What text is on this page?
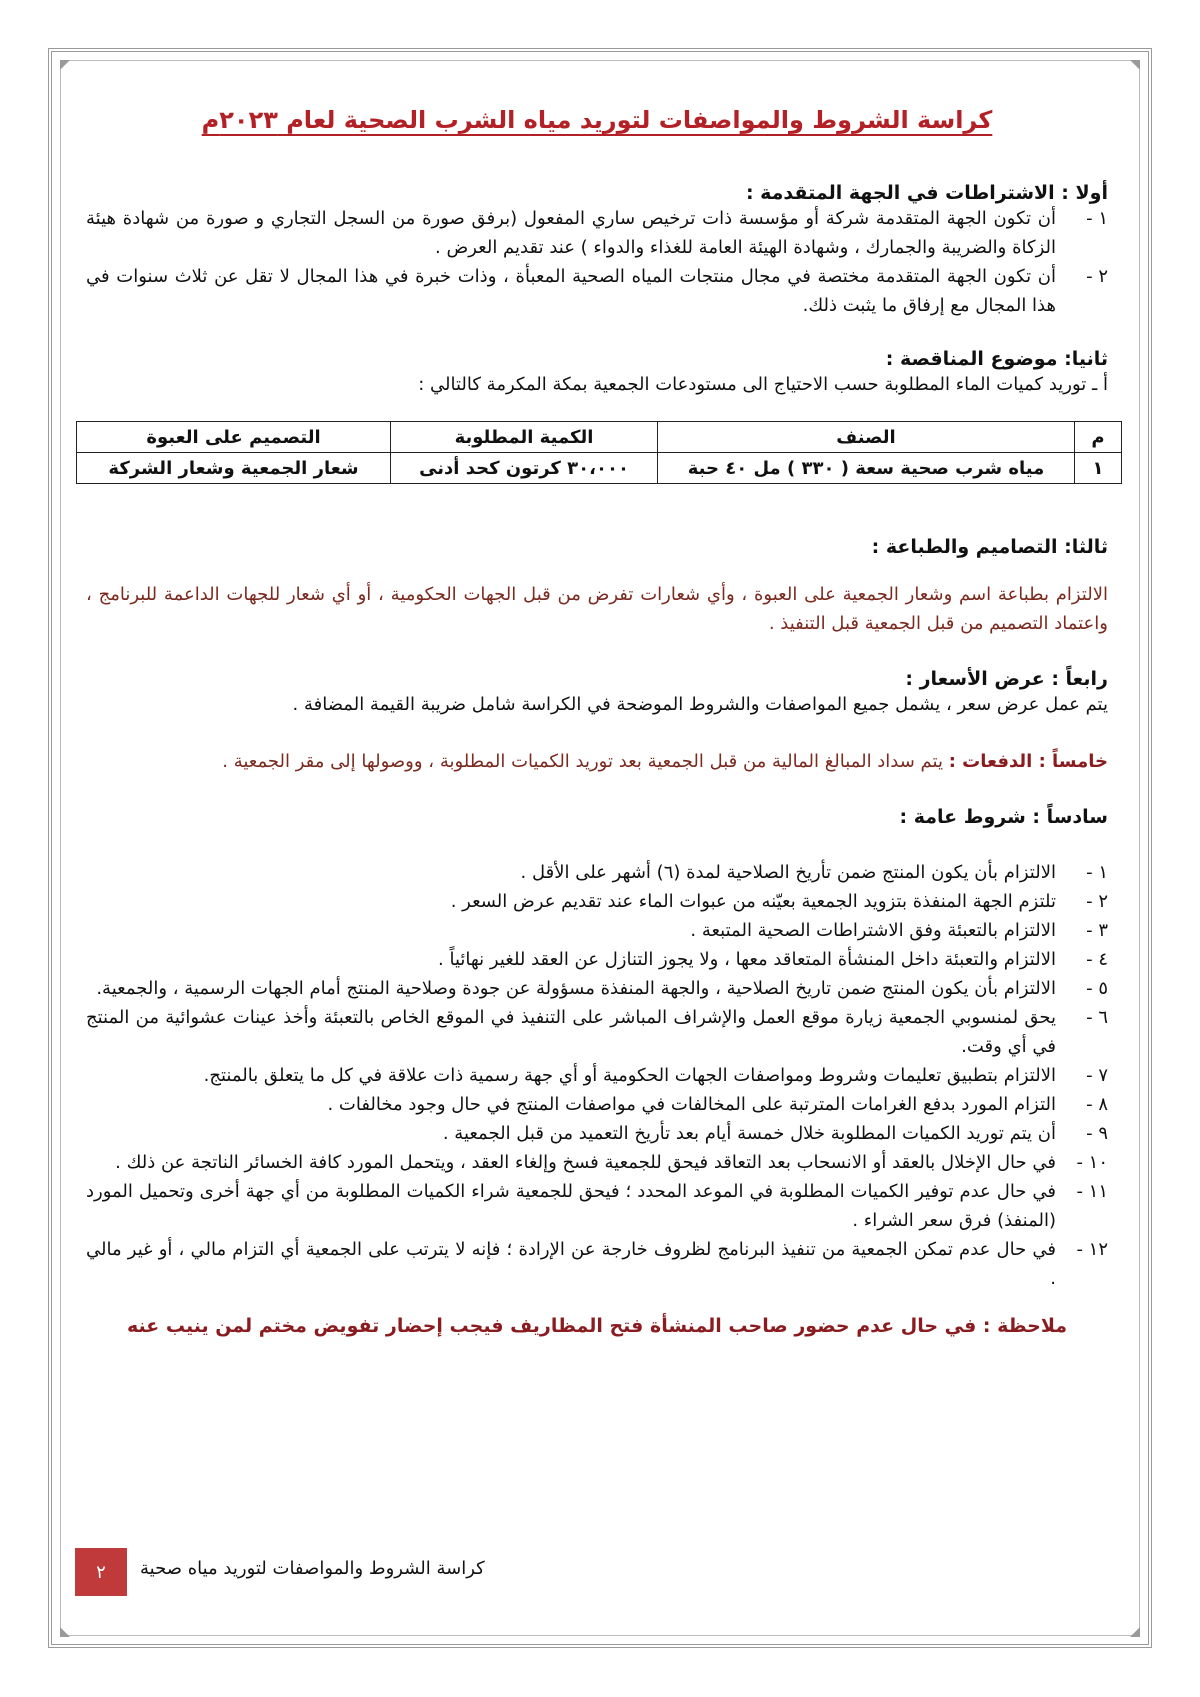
كراسة الشروط والمواصفات لتوريد مياه الشرب الصحية لعام ٢٠٢٣م

أولا : الاشتراطات في الجهة المتقدمة :

١ -
أن تكون الجهة المتقدمة شركة أو مؤسسة ذات ترخيص ساري المفعول (برفق صورة من السجل التجاري و صورة من شهادة هيئة الزكاة والضريبة والجمارك ، وشهادة الهيئة العامة للغذاء والدواء ) عند تقديم العرض .
٢ -
أن تكون الجهة المتقدمة مختصة في مجال منتجات المياه الصحية المعبأة ، وذات خبرة في هذا المجال لا تقل عن ثلاث سنوات في هذا المجال مع إرفاق ما يثبت ذلك.

ثانيا: موضوع المناقصة :

أ ـ توريد كميات الماء المطلوبة حسب الاحتياج الى مستودعات الجمعية بمكة المكرمة كالتالي :

م	الصنف	الكمية المطلوبة	التصميم على العبوة
١	مياه شرب صحية سعة ( ٣٣٠ ) مل ٤٠ حبة	٣٠،٠٠٠ كرتون كحد أدنى	شعار الجمعية وشعار الشركة

ثالثا: التصاميم والطباعة :

الالتزام بطباعة اسم وشعار الجمعية على العبوة ، وأي شعارات تفرض من قبل الجهات الحكومية ، أو أي شعار للجهات الداعمة للبرنامج ، واعتماد التصميم من قبل الجمعية قبل التنفيذ .

رابعاً : عرض الأسعار :

يتم عمل عرض سعر ، يشمل جميع المواصفات والشروط الموضحة في الكراسة شامل ضريبة القيمة المضافة .

خامساً : الدفعات : يتم سداد المبالغ المالية من قبل الجمعية بعد توريد الكميات المطلوبة ، ووصولها إلى مقر الجمعية .

سادساً : شروط عامة :

١ -
الالتزام بأن يكون المنتج ضمن تأريخ الصلاحية لمدة (٦) أشهر على الأقل .
٢ -
تلتزم الجهة المنفذة بتزويد الجمعية بعيّنه من عبوات الماء عند تقديم عرض السعر .
٣ -
الالتزام بالتعبئة وفق الاشتراطات الصحية المتبعة .
٤ -
الالتزام والتعبئة داخل المنشأة المتعاقد معها ، ولا يجوز التنازل عن العقد للغير نهائياً .
٥ -
الالتزام بأن يكون المنتج ضمن تاريخ الصلاحية ، والجهة المنفذة مسؤولة عن جودة وصلاحية المنتج أمام الجهات الرسمية ، والجمعية.
٦ -
يحق لمنسوبي الجمعية زيارة موقع العمل والإشراف المباشر على التنفيذ في الموقع الخاص بالتعبئة وأخذ عينات عشوائية من المنتج في أي وقت.
٧ -
الالتزام بتطبيق تعليمات وشروط ومواصفات الجهات الحكومية أو أي جهة رسمية ذات علاقة في كل ما يتعلق بالمنتج.
٨ -
التزام المورد بدفع الغرامات المترتبة على المخالفات في مواصفات المنتج في حال وجود مخالفات .
٩ -
أن يتم توريد الكميات المطلوبة خلال خمسة أيام بعد تأريخ التعميد من قبل الجمعية .
١٠ -
في حال الإخلال بالعقد أو الانسحاب بعد التعاقد فيحق للجمعية فسخ وإلغاء العقد ، ويتحمل المورد كافة الخسائر الناتجة عن ذلك .
١١ -
في حال عدم توفير الكميات المطلوبة في الموعد المحدد ؛ فيحق للجمعية شراء الكميات المطلوبة من أي جهة أخرى وتحميل المورد (المنفذ) فرق سعر الشراء .
١٢ -
في حال عدم تمكن الجمعية من تنفيذ البرنامج لظروف خارجة عن الإرادة ؛ فإنه لا يترتب على الجمعية أي التزام مالي ، أو غير مالي .

ملاحظة : في حال عدم حضور صاحب المنشأة فتح المظاريف فيجب إحضار تفويض مختم لمن ينيب عنه

٢	كراسة الشروط والمواصفات لتوريد مياه صحية
